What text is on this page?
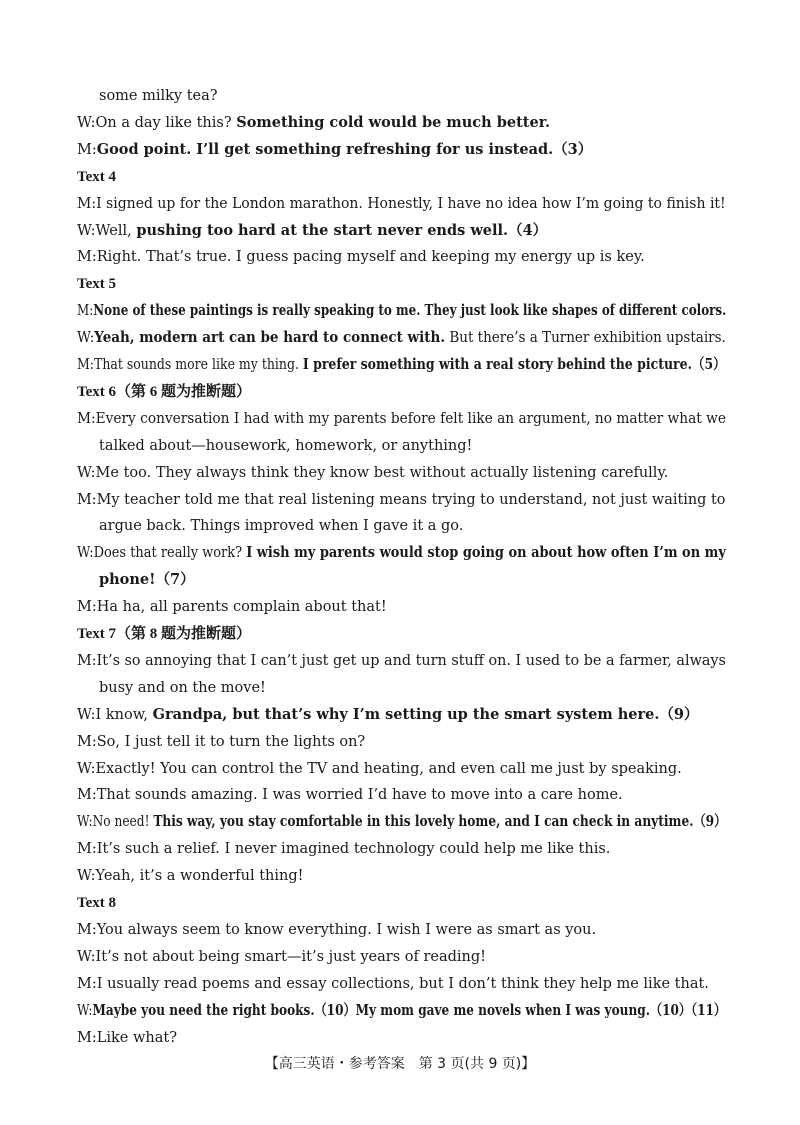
some milky tea?
W:On a day like this? Something cold would be much better.
M:Good point. I’ll get something refreshing for us instead.（3）
Text 4
M:I signed up for the London marathon. Honestly, I have no idea how I’m going to finish it!
W:Well, pushing too hard at the start never ends well.（4）
M:Right. That’s true. I guess pacing myself and keeping my energy up is key.
Text 5
M:None of these paintings is really speaking to me. They just look like shapes of different colors.
W:Yeah, modern art can be hard to connect with. But there’s a Turner exhibition upstairs.
M:That sounds more like my thing. I prefer something with a real story behind the picture.（5）
Text 6（第 6 题为推断题）
M:Every conversation I had with my parents before felt like an argument, no matter what we
talked about—housework, homework, or anything!
W:Me too. They always think they know best without actually listening carefully.
M:My teacher told me that real listening means trying to understand, not just waiting to
argue back. Things improved when I gave it a go.
W:Does that really work? I wish my parents would stop going on about how often I’m on my
phone!（7）
M:Ha ha, all parents complain about that!
Text 7（第 8 题为推断题）
M:It’s so annoying that I can’t just get up and turn stuff on. I used to be a farmer, always
busy and on the move!
W:I know, Grandpa, but that’s why I’m setting up the smart system here.（9）
M:So, I just tell it to turn the lights on?
W:Exactly! You can control the TV and heating, and even call me just by speaking.
M:That sounds amazing. I was worried I’d have to move into a care home.
W:No need! This way, you stay comfortable in this lovely home, and I can check in anytime.（9）
M:It’s such a relief. I never imagined technology could help me like this.
W:Yeah, it’s a wonderful thing!
Text 8
M:You always seem to know everything. I wish I were as smart as you.
W:It’s not about being smart—it’s just years of reading!
M:I usually read poems and essay collections, but I don’t think they help me like that.
W:Maybe you need the right books.（10）My mom gave me novels when I was young.（10）（11）
M:Like what?
【高三英语・参考答案　第 3 页(共 9 页)】
